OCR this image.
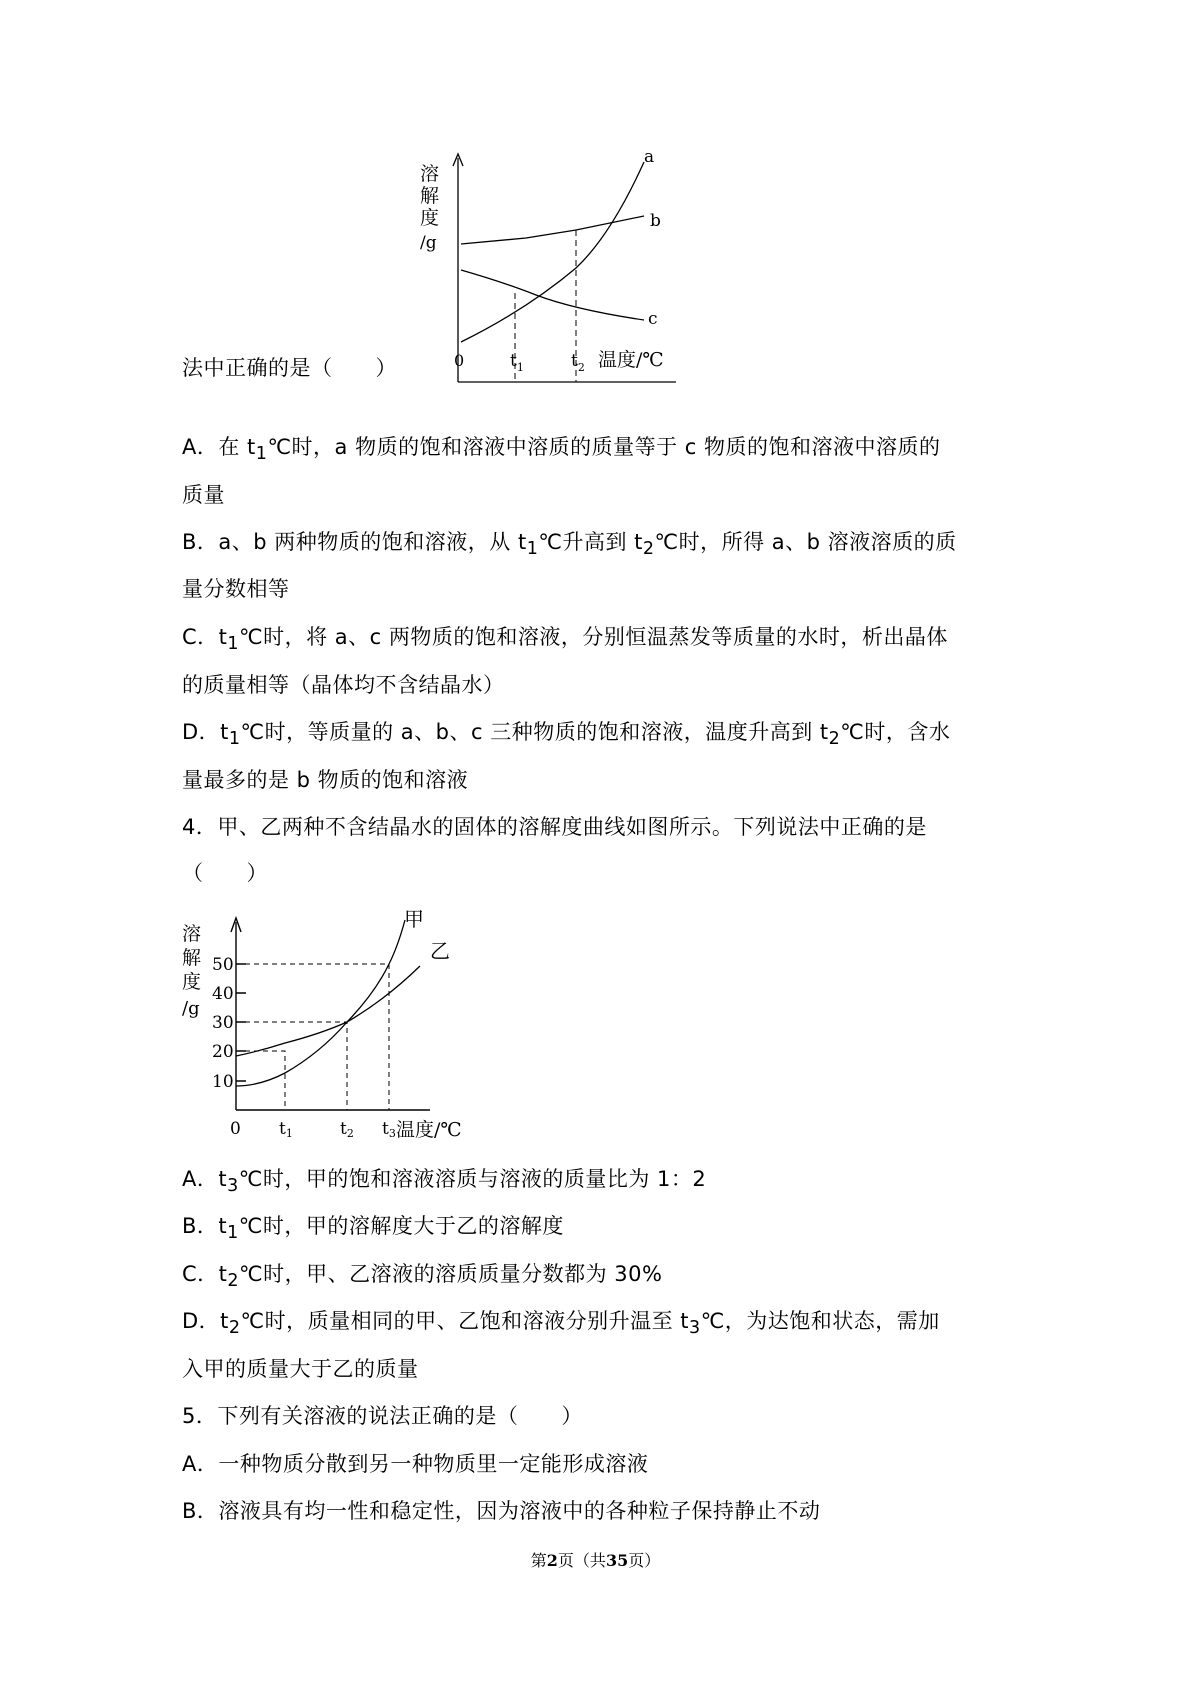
溶
解
度
/g
a
b
c
0	$t_1$	$t_2$ 温度/℃
法中正确的是（　　）
A．在 $t_1℃$时，a 物质的饱和溶液中溶质的质量等于 c 物质的饱和溶液中溶质的
质量
B．a、b 两种物质的饱和溶液，从 $t_1℃$升高到 $t_2℃$时，所得 a、b 溶液溶质的质
量分数相等
C．$t_1℃$时，将 a、c 两物质的饱和溶液，分别恒温蒸发等质量的水时，析出晶体
的质量相等（晶体均不含结晶水）
D．$t_1℃$时，等质量的 a、b、c 三种物质的饱和溶液，温度升高到 $t_2℃$时，含水
量最多的是 b 物质的饱和溶液
4．甲、乙两种不含结晶水的固体的溶解度曲线如图所示。下列说法中正确的是
（　　）
溶
解
度
/g
50
40
30
20
10
0 t1	t2 t3 温度/℃
甲
乙
A．$t_3℃$时，甲的饱和溶液溶质与溶液的质量比为 1：2
B．$t_1℃$时，甲的溶解度大于乙的溶解度
C．$t_2℃$时，甲、乙溶液的溶质质量分数都为 30%
D．$t_2℃$时，质量相同的甲、乙饱和溶液分别升温至 $t_3℃$，为达饱和状态，需加
入甲的质量大于乙的质量
5．下列有关溶液的说法正确的是（　　）
A．一种物质分散到另一种物质里一定能形成溶液
B．溶液具有均一性和稳定性，因为溶液中的各种粒子保持静止不动
第2页（共35页）
